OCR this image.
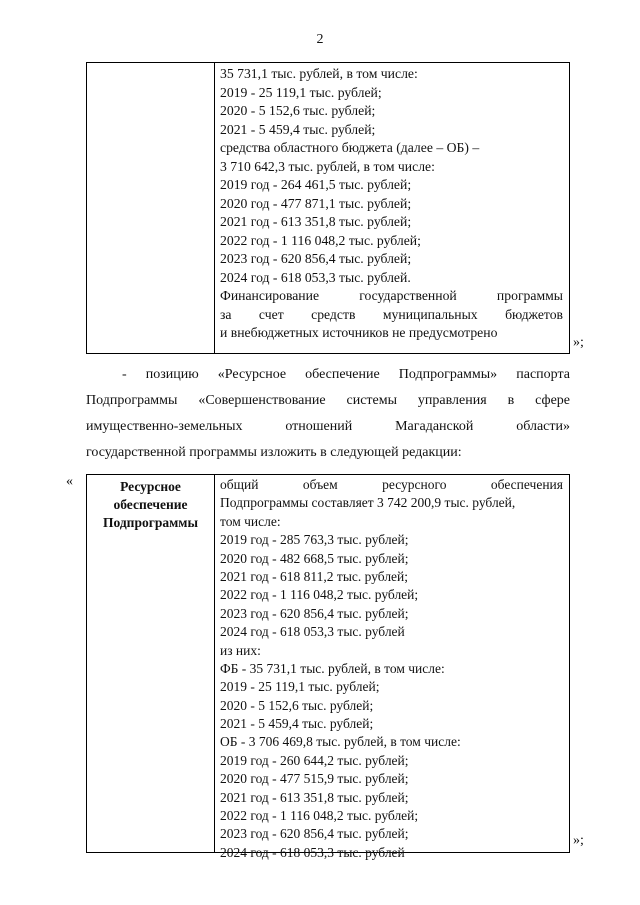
2
35 731,1 тыс. рублей, в том числе:
2019 - 25 119,1 тыс. рублей;
2020 - 5 152,6 тыс. рублей;
2021 - 5 459,4 тыс. рублей;
средства областного бюджета (далее – ОБ) –
3 710 642,3 тыс. рублей, в том числе:
2019 год - 264 461,5 тыс. рублей;
2020 год - 477 871,1 тыс. рублей;
2021 год - 613 351,8 тыс. рублей;
2022 год - 1 116 048,2 тыс. рублей;
2023 год - 620 856,4 тыс. рублей;
2024 год - 618 053,3 тыс. рублей.
Финансирование государственной программы
за счет средств муниципальных бюджетов
и внебюджетных источников не предусмотрено
»;
- позицию «Ресурсное обеспечение Подпрограммы» паспорта
Подпрограммы «Совершенствование системы управления в сфере
имущественно-земельных отношений Магаданской области»
государственной программы изложить в следующей редакции:
«	Ресурсное
обеспечение
Подпрограммы
общий объем ресурсного обеспечения
Подпрограммы составляет 3 742 200,9 тыс. рублей,
том числе:
2019 год - 285 763,3 тыс. рублей;
2020 год - 482 668,5 тыс. рублей;
2021 год - 618 811,2 тыс. рублей;
2022 год - 1 116 048,2 тыс. рублей;
2023 год - 620 856,4 тыс. рублей;
2024 год - 618 053,3 тыс. рублей
из них:
ФБ - 35 731,1 тыс. рублей, в том числе:
2019 - 25 119,1 тыс. рублей;
2020 - 5 152,6 тыс. рублей;
2021 - 5 459,4 тыс. рублей;
ОБ - 3 706 469,8 тыс. рублей, в том числе:
2019 год - 260 644,2 тыс. рублей;
2020 год - 477 515,9 тыс. рублей;
2021 год - 613 351,8 тыс. рублей;
2022 год - 1 116 048,2 тыс. рублей;
2023 год - 620 856,4 тыс. рублей;
2024 год - 618 053,3 тыс. рублей
»;
